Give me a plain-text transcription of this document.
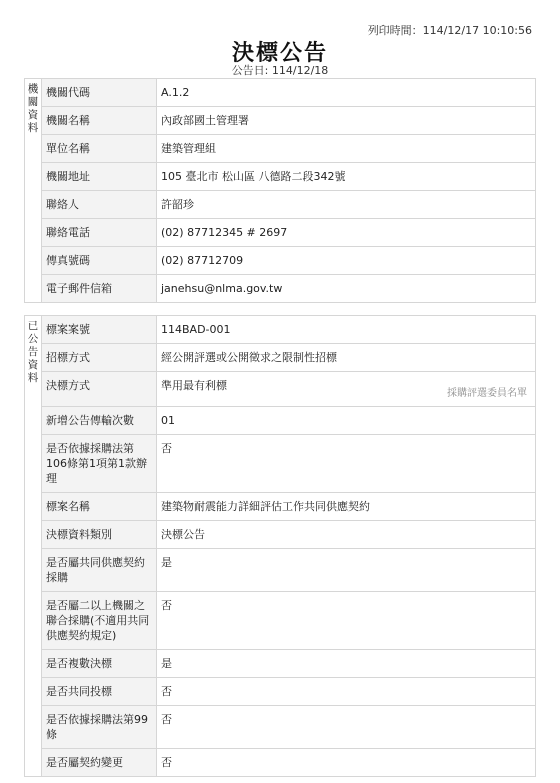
列印時間：114/12/17 10:10:56
決標公告
公告日: 114/12/18
機
關
資
料	機關代碼	A.1.2
	機關名稱	內政部國土管理署
	單位名稱	建築管理組
	機關地址	105 臺北市 松山區 八德路二段342號
	聯絡人	許韶珍
	聯絡電話	(02) 87712345 # 2697
	傳真號碼	(02) 87712709
	電子郵件信箱	janehsu@nlma.gov.tw
已
公
告
資
料	標案案號	114BAD-001
	招標方式	經公開評選或公開徵求之限制性招標
	決標方式	準用最有利標
採購評選委員名單

	新增公告傳輸次數	01
	是否依據採購法第106條第1項第1款辦理	否
	標案名稱	建築物耐震能力詳細評估工作共同供應契約
	決標資料類別	決標公告
	是否屬共同供應契約採購	是
	是否屬二以上機關之聯合採購(不適用共同供應契約規定)	否
	是否複數決標	是
	是否共同投標	否
	是否依據採購法第99條	否
	是否屬契約變更	否
